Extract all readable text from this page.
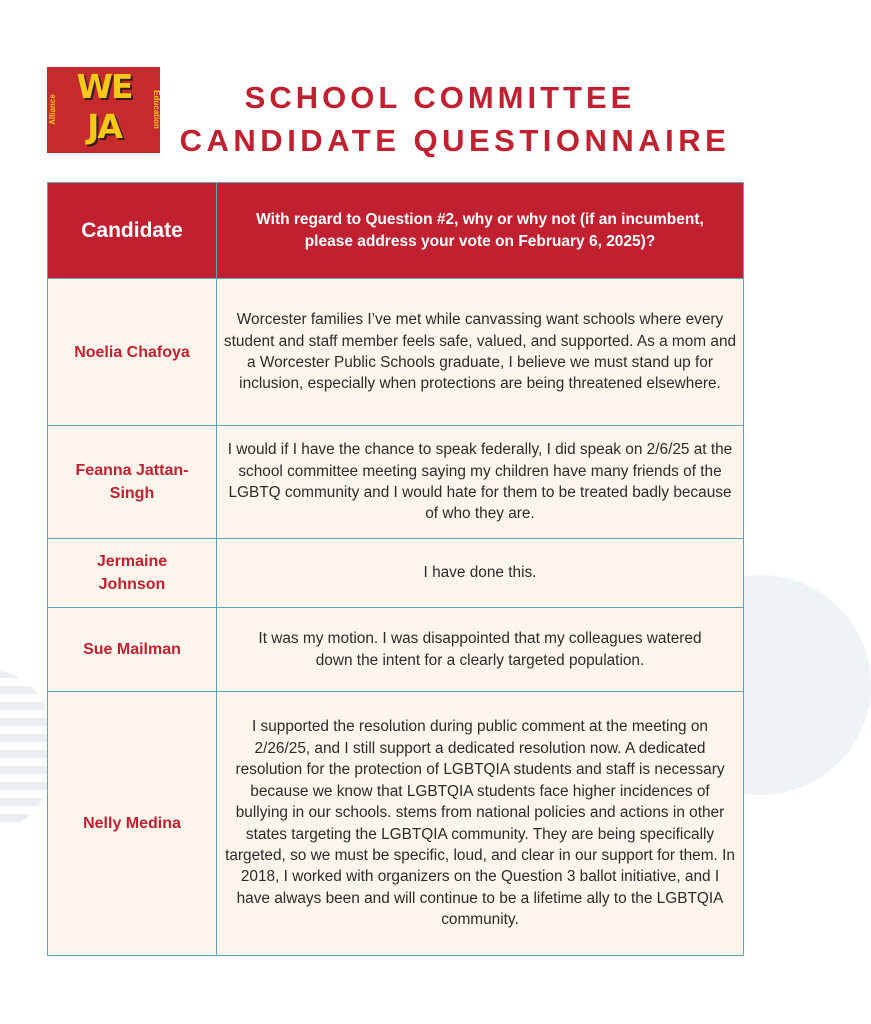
WE
JA
Alliance	Education	SCHOOL COMMITTEE
CANDIDATE QUESTIONNAIRE
Candidate	With regard to Question #2, why or why not (if an incumbent, please address your vote on February 6, 2025)?
Noelia Chafoya	Worcester families I’ve met while canvassing want schools where every student and staff member feels safe, valued, and supported. As a mom and a Worcester Public Schools graduate, I believe we must stand up for inclusion, especially when protections are being threatened elsewhere.
Feanna Jattan-Singh	I would if I have the chance to speak federally, I did speak on 2/6/25 at the school committee meeting saying my children have many friends of the LGBTQ community and I would hate for them to be treated badly because of who they are.
Jermaine Johnson	I have done this.
Sue Mailman	It was my motion. I was disappointed that my colleagues watered down the intent for a clearly targeted population.
Nelly Medina	I supported the resolution during public comment at the meeting on 2/26/25, and I still support a dedicated resolution now. A dedicated resolution for the protection of LGBTQIA students and staff is necessary because we know that LGBTQIA students face higher incidences of bullying in our schools. stems from national policies and actions in other states targeting the LGBTQIA community. They are being specifically targeted, so we must be specific, loud, and clear in our support for them. In 2018, I worked with organizers on the Question 3 ballot initiative, and I have always been and will continue to be a lifetime ally to the LGBTQIA community.
